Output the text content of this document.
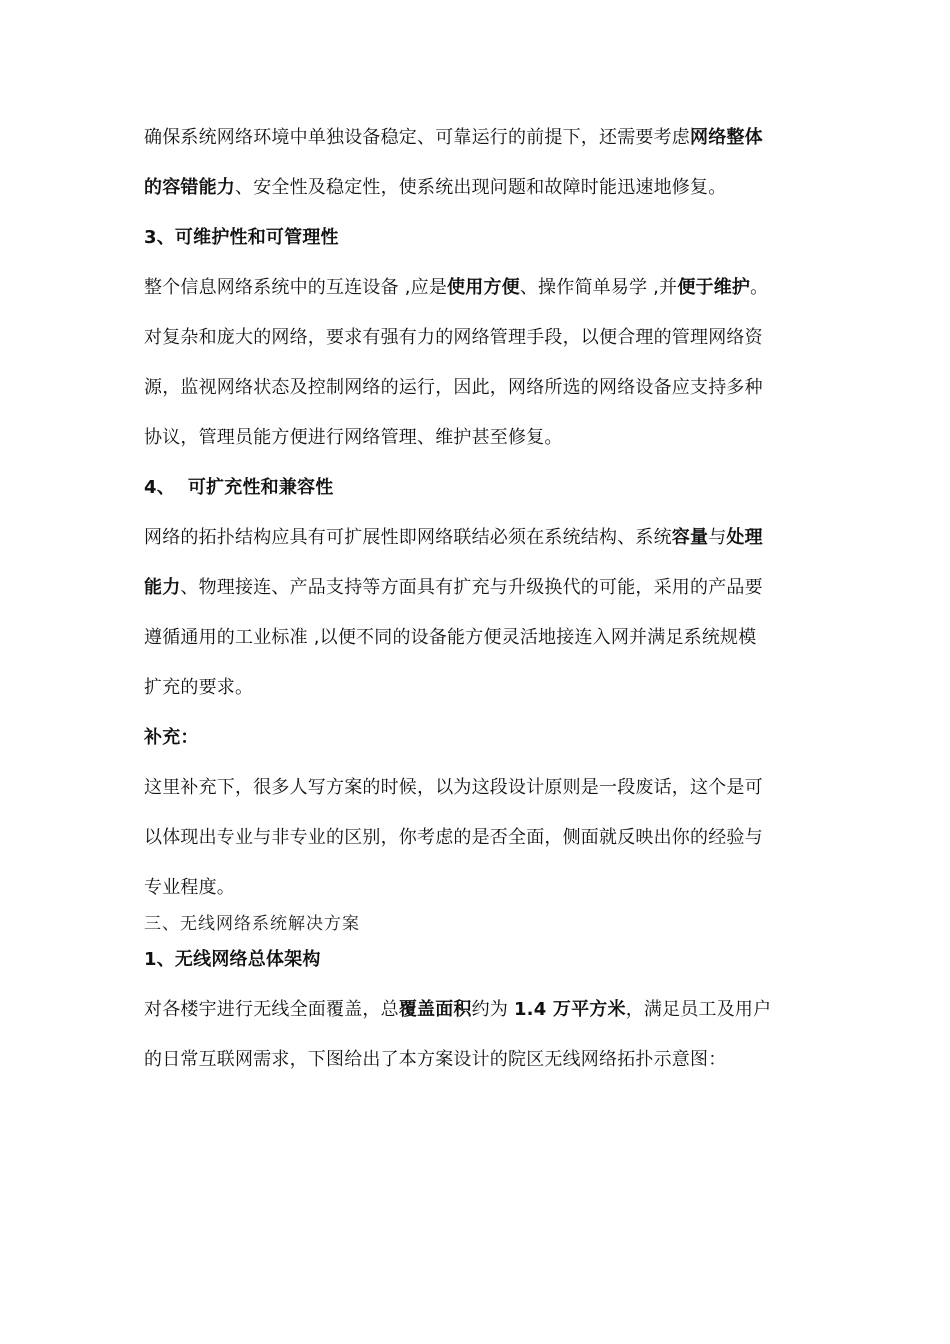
确保系统网络环境中单独设备稳定、可靠运行的前提下，还需要考虑网络整体
的容错能力、安全性及稳定性，使系统出现问题和故障时能迅速地修复。
3、可维护性和可管理性
整个信息网络系统中的互连设备 ,应是使用方便、操作简单易学 ,并便于维护。
对复杂和庞大的网络，要求有强有力的网络管理手段，以便合理的管理网络资
源，监视网络状态及控制网络的运行，因此，网络所选的网络设备应支持多种
协议，管理员能方便进行网络管理、维护甚至修复。
4、  可扩充性和兼容性
网络的拓扑结构应具有可扩展性即网络联结必须在系统结构、系统容量与处理
能力、物理接连、产品支持等方面具有扩充与升级换代的可能，采用的产品要
遵循通用的工业标准 ,以便不同的设备能方便灵活地接连入网并满足系统规模
扩充的要求。
补充：
这里补充下，很多人写方案的时候，以为这段设计原则是一段废话，这个是可
以体现出专业与非专业的区别，你考虑的是否全面，侧面就反映出你的经验与
专业程度。
三、无线网络系统解决方案
1、无线网络总体架构
对各楼宇进行无线全面覆盖，总覆盖面积约为 1.4 万平方米，满足员工及用户
的日常互联网需求，下图给出了本方案设计的院区无线网络拓扑示意图：
